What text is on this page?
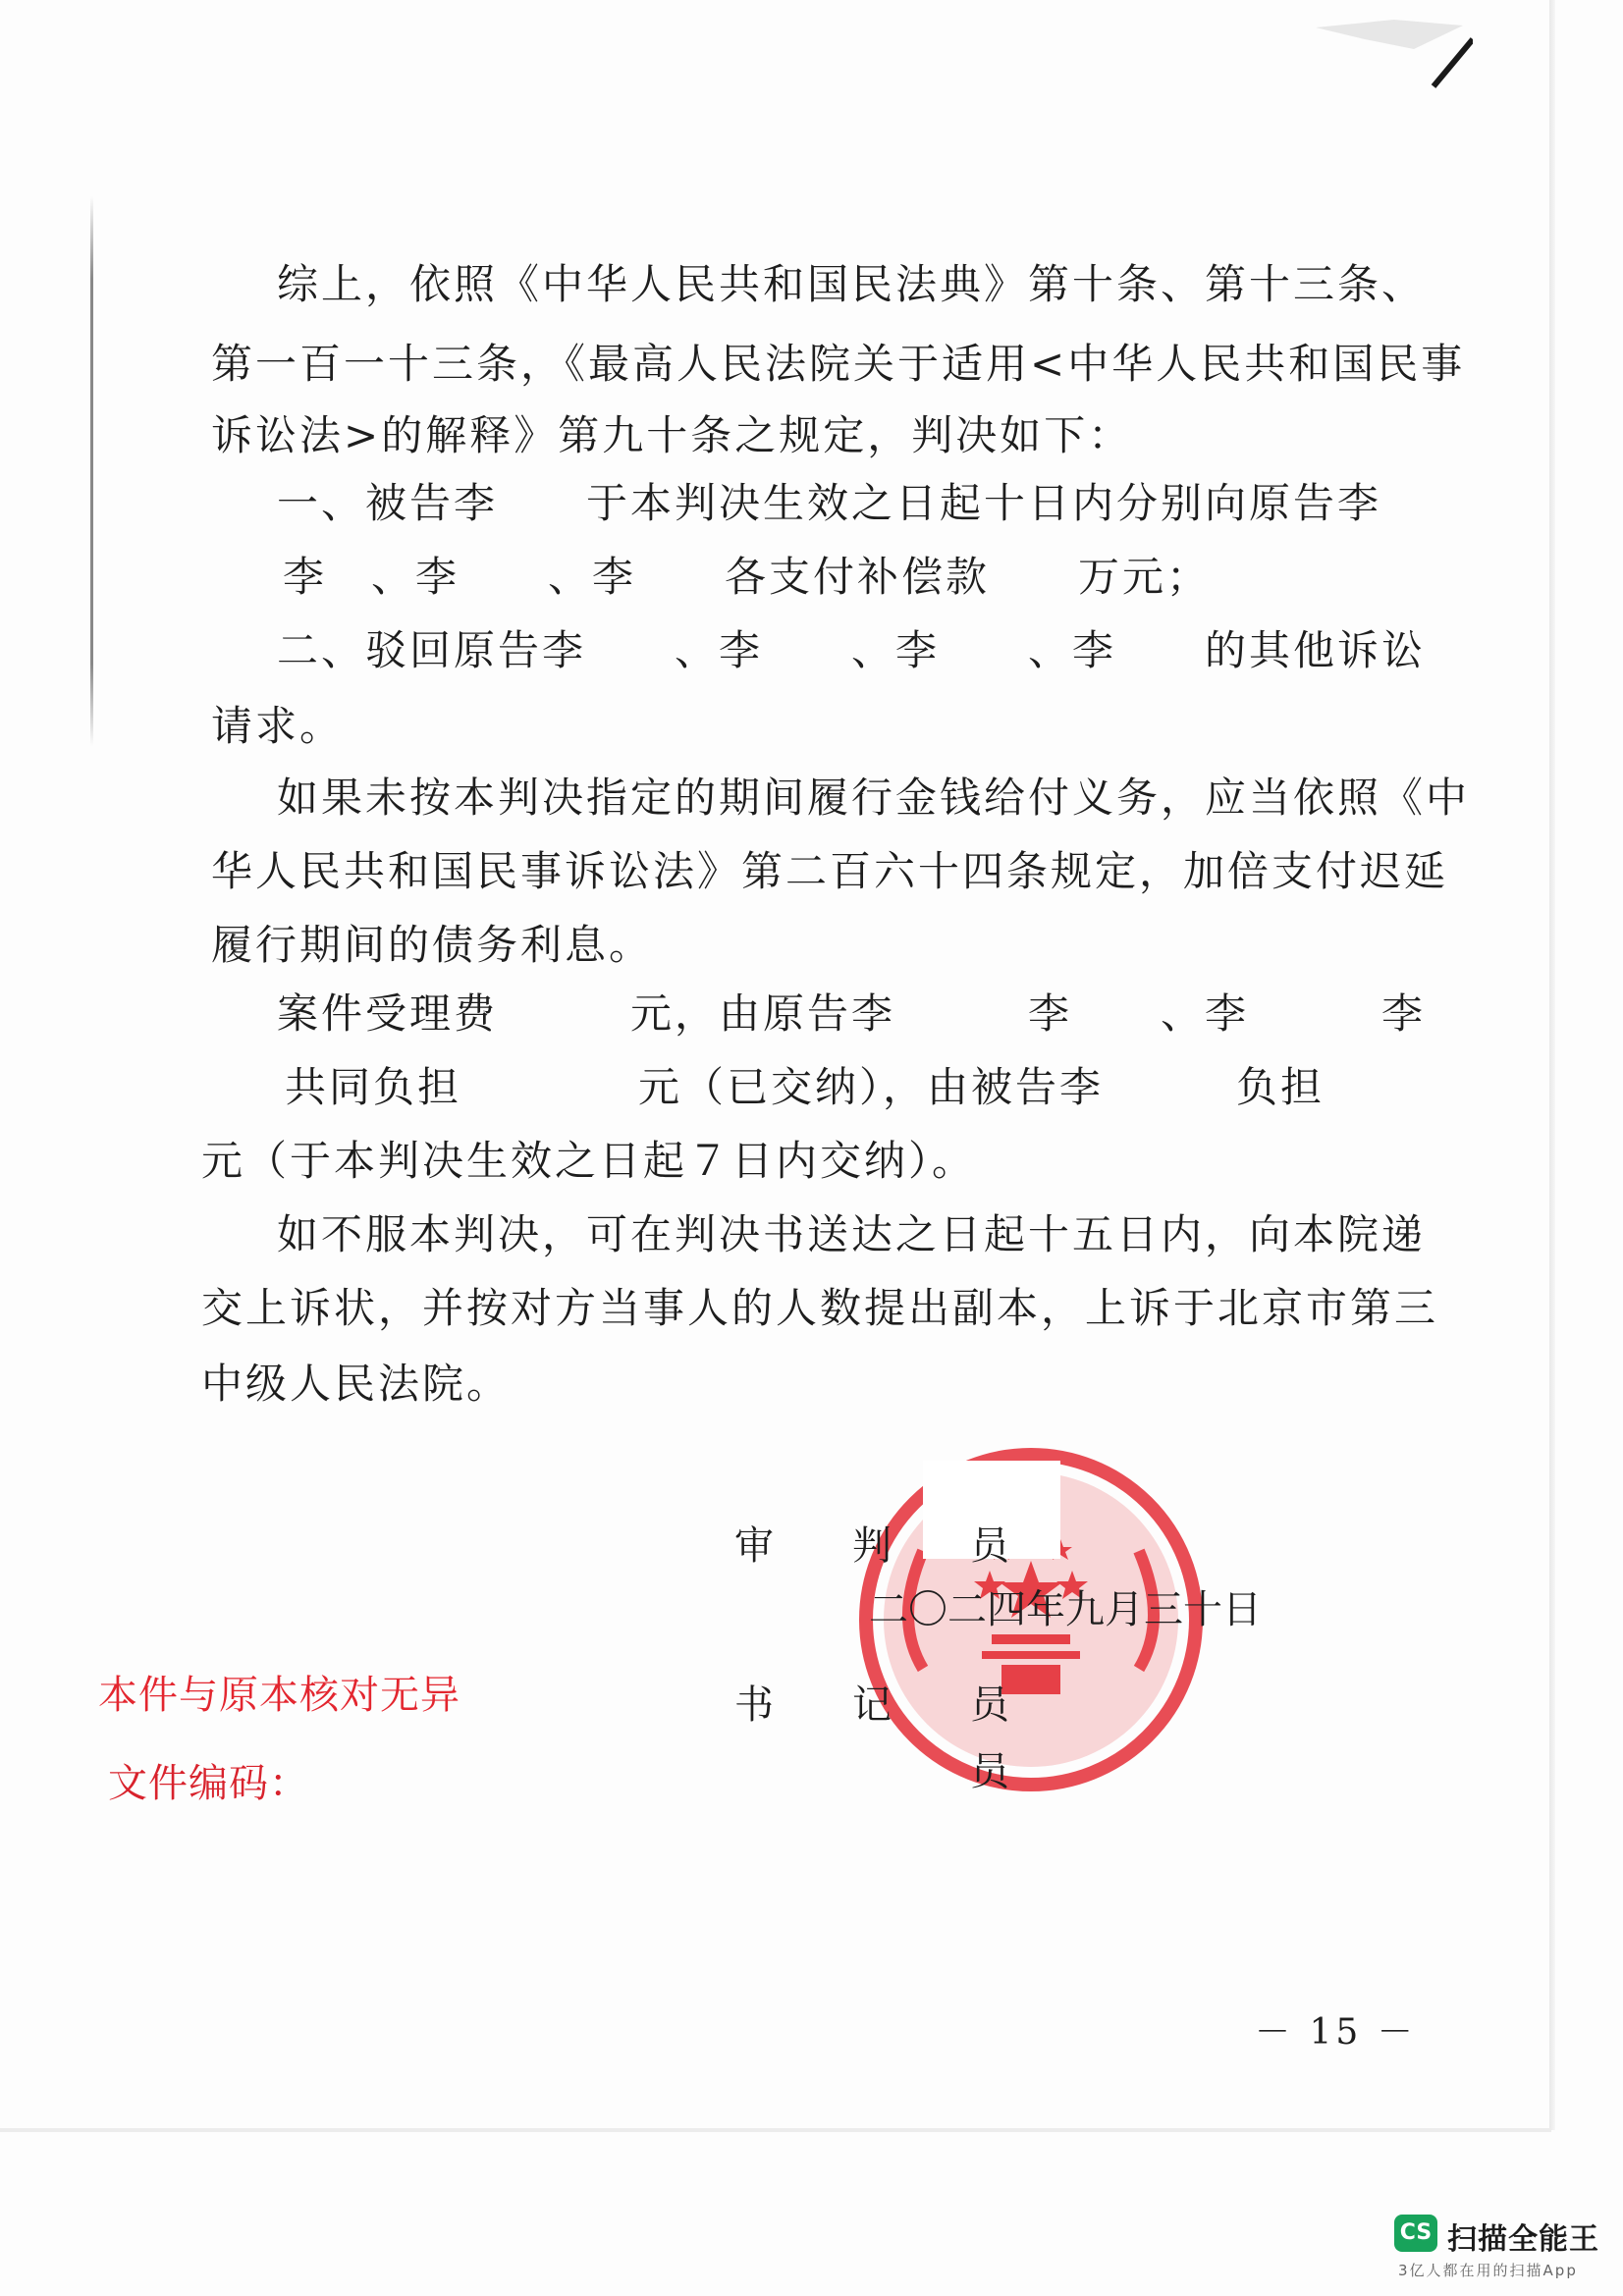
综上，依照《中华人民共和国民法典》第十条、第十三条、
第一百一十三条，《最高人民法院关于适用<中华人民共和国民事
诉讼法>的解释》第九十条之规定，判决如下：
一、被告李　　于本判决生效之日起十日内分别向原告李
李　、李　　、李　　各支付补偿款　　万元；
二、驳回原告李　　、李　　、李　　、李　　的其他诉讼
请求。
如果未按本判决指定的期间履行金钱给付义务，应当依照《中
华人民共和国民事诉讼法》第二百六十四条规定，加倍支付迟延
履行期间的债务利息。
案件受理费　　　元，由原告李　　　李　　、李　　　李
共同负担　　　　元（已交纳），由被告李　　　负担
元（于本判决生效之日起７日内交纳）。
如不服本判决，可在判决书送达之日起十五日内，向本院递
交上诉状，并按对方当事人的人数提出副本，上诉于北京市第三
中级人民法院。
审　　判　　员
二〇二四年九月三十日
书　　记　　员
　　　　　　员
本件与原本核对无异
文件编码：
－ 15 －
CS 扫描全能王
3亿人都在用的扫描App
